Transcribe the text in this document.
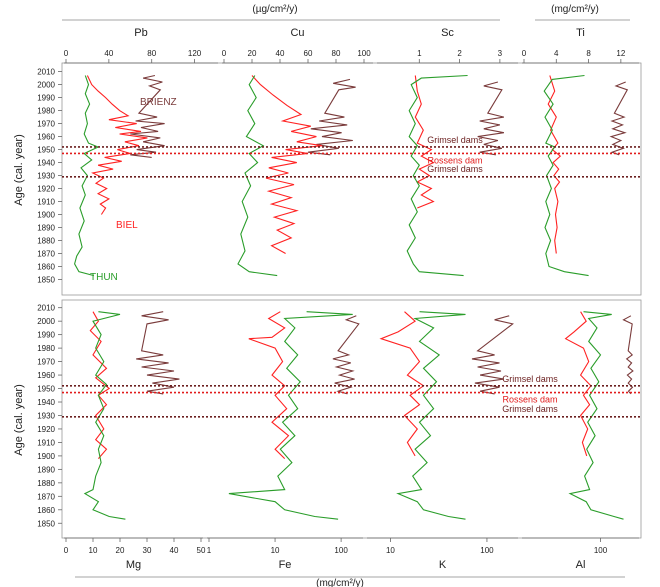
(µg/cm²/y)	(mg/cm²/y)
Age (cal. year)
Age (cal. year)
1850
1860
1870
1880
1890
1900
1910
1920
1930
1940
1950
1960
1970
1980
1990
2000
2010
1850
1860
1870
1880
1890
1900
1910
1920
1930
1940
1950
1960
1970
1980
1990
2000
2010
Pb
0	40	80	120
Cu
0	20 40 60 80 100
Sc
1	2	3
Ti
0	4	8	12
Mg
0	10 20 30 40 50
Fe
1	10	100
K
10	100
Al
100
Grimsel dams
Rossens dam
Grimsel dams
Grimsel dams
Rossens dam
Grimsel dams
BRIENZ
BIEL
THUN
(mg/cm²/y)
